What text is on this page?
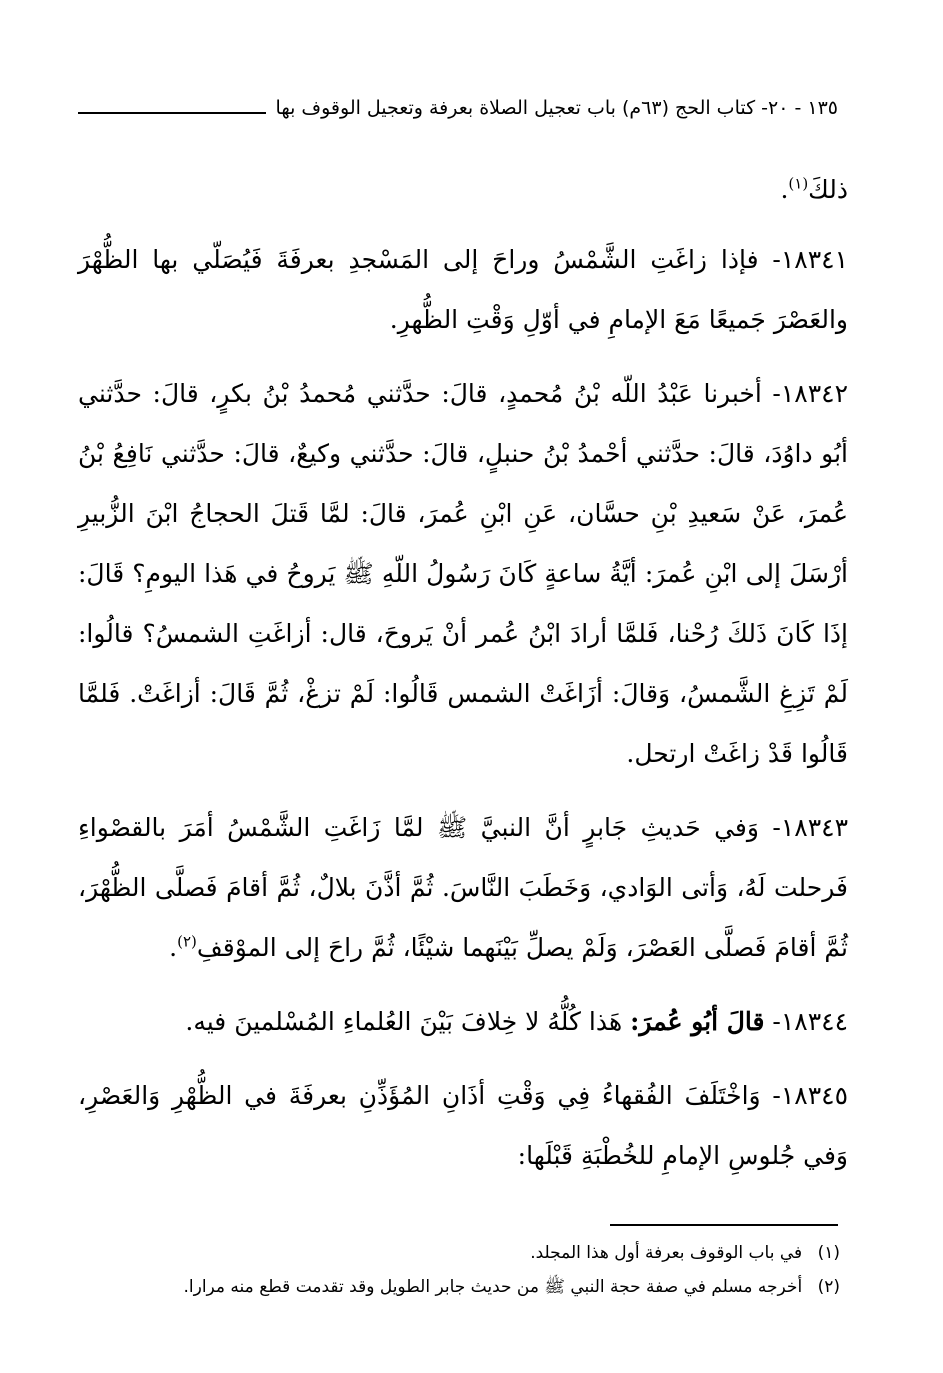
١٣٥
- ٢٠- كتاب الحج (٦٣م) باب تعجيل الصلاة بعرفة وتعجيل الوقوف بها

ذلكَ$^{(١)}$.

١٨٣٤١- فإذا زاغَتِ الشَّمْسُ وراحَ إلى المَسْجدِ بعرفَةَ فَيُصَلّي بها الظُّهْرَ والعَصْرَ جَميعًا مَعَ الإمامِ في أوّلِ وَقْتِ الظُّهرِ.

١٨٣٤٢- أخبرنا عَبْدُ اللّه بْنُ مُحمدٍ، قالَ: حدَّثني مُحمدُ بْنُ بكرٍ، قالَ: حدَّثني أبُو داوُدَ، قالَ: حدَّثني أحْمدُ بْنُ حنبلٍ، قالَ: حدَّثني وكيعٌ، قالَ: حدَّثني نَافِعُ بْنُ عُمرَ، عَنْ سَعيدِ بْنِ حسَّان، عَنِ ابْنِ عُمرَ، قالَ: لمَّا قَتلَ الحجاجُ ابْنَ الزُّبيرِ أرْسَلَ إلى ابْنِ عُمرَ: أيَّةُ ساعةٍ كَانَ رَسُولُ اللّهِ ﷺ يَروحُ في هَذا اليومِ؟ قَالَ: إذَا كَانَ ذَلكَ رُحْنا، فَلمَّا أرادَ ابْنُ عُمر أنْ يَروحَ، قال: أزاغَتِ الشمسُ؟ قالُوا: لَمْ تَزِغِ الشَّمسُ، وَقالَ: أزَاغَتْ الشمس قَالُوا: لَمْ تزغْ، ثُمَّ قَالَ: أزاغَتْ. فَلمَّا قَالُوا قَدْ زاغَتْ ارتحل.

١٨٣٤٣- وَفي حَديثِ جَابرٍ أنَّ النبيَّ ﷺ لمَّا زَاغَتِ الشَّمْسُ أمَرَ بالقصْواءِ فَرحلت لَهُ، وَأتى الوَادي، وَخَطَبَ النَّاسَ. ثُمَّ أذَّنَ بلالٌ، ثُمَّ أقامَ فَصلَّى الظُّهْرَ، ثُمَّ أقامَ فَصلَّى العَصْرَ، وَلَمْ يصلِّ بَيْنَهما شيْئًا، ثُمَّ راحَ إلى الموْقفِ$^{(٢)}$.

١٨٣٤٤- قالَ أبُو عُمرَ: هَذا كُلُّهُ لا خِلافَ بَيْنَ العُلماءِ المُسْلمينَ فيه.

١٨٣٤٥- وَاخْتَلَفَ الفُقهاءُ فِي وَقْتِ أذَانِ المُؤَذِّنِ بعرفَةَ في الظُّهْرِ وَالعَصْرِ، وَفي جُلوسِ الإمامِ للخُطْبَةِ قَبْلَها:

(١) في باب الوقوف بعرفة أول هذا المجلد.
(٢) أخرجه مسلم في صفة حجة النبي ﷺ من حديث جابر الطويل وقد تقدمت قطع منه مرارا.
